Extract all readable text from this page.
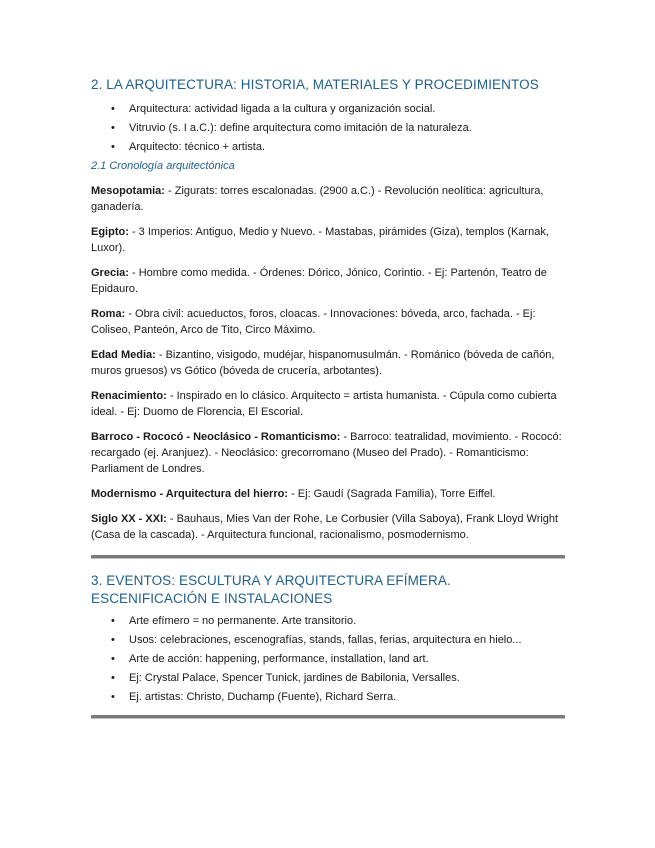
2. LA ARQUITECTURA: HISTORIA, MATERIALES Y PROCEDIMIENTOS
• Arquitectura: actividad ligada a la cultura y organización social.
• Vitruvio (s. I a.C.): define arquitectura como imitación de la naturaleza.
• Arquitecto: técnico + artista.
2.1 Cronología arquitectónica

Mesopotamia: - Zigurats: torres escalonadas. (2900 a.C.) - Revolución neolítica: agricultura, ganadería.

Egipto: - 3 Imperios: Antiguo, Medio y Nuevo. - Mastabas, pirámides (Giza), templos (Karnak, Luxor).

Grecia: - Hombre como medida. - Órdenes: Dórico, Jónico, Corintio. - Ej: Partenón, Teatro de Epidauro.

Roma: - Obra civil: acueductos, foros, cloacas. - Innovaciones: bóveda, arco, fachada. - Ej: Coliseo, Panteón, Arco de Tito, Circo Máximo.

Edad Media: - Bizantino, visigodo, mudéjar, hispanomusulmán. - Románico (bóveda de cañón, muros gruesos) vs Gótico (bóveda de crucería, arbotantes).

Renacimiento: - Inspirado en lo clásico. Arquitecto = artista humanista. - Cúpula como cubierta ideal. - Ej: Duomo de Florencia, El Escorial.

Barroco - Rococó - Neoclásico - Romanticismo: - Barroco: teatralidad, movimiento. - Rococó: recargado (ej. Aranjuez). - Neoclásico: grecorromano (Museo del Prado). - Romanticismo: Parliament de Londres.

Modernismo - Arquitectura del hierro: - Ej: Gaudí (Sagrada Familia), Torre Eiffel.

Siglo XX - XXI: - Bauhaus, Mies Van der Rohe, Le Corbusier (Villa Saboya), Frank Lloyd Wright (Casa de la cascada). - Arquitectura funcional, racionalismo, posmodernismo.

3. EVENTOS: ESCULTURA Y ARQUITECTURA EFÍMERA. ESCENIFICACIÓN E INSTALACIONES
• Arte efímero = no permanente. Arte transitorio.
• Usos: celebraciones, escenografías, stands, fallas, ferias, arquitectura en hielo...
• Arte de acción: happening, performance, installation, land art.
• Ej: Crystal Palace, Spencer Tunick, jardines de Babilonia, Versalles.
• Ej. artistas: Christo, Duchamp (Fuente), Richard Serra.
